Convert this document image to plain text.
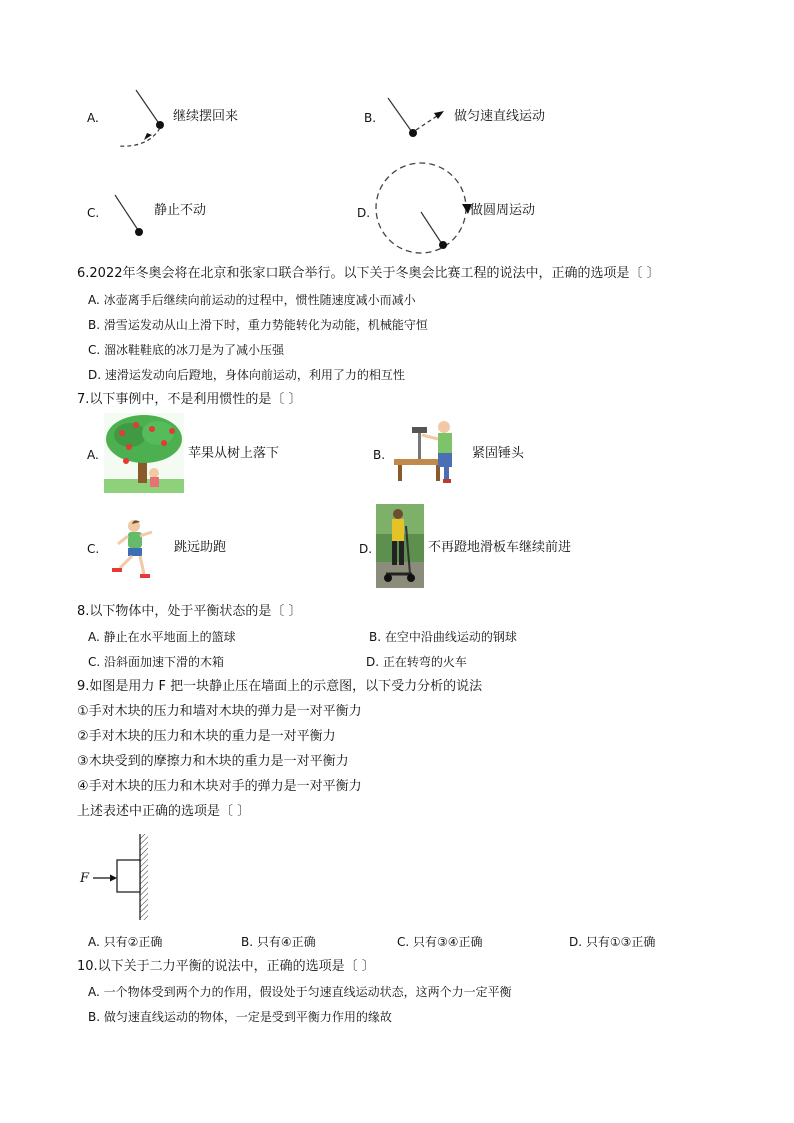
A.	继续摆回来	B.	做匀速直线运动
C.	静止不动	D.	做圆周运动
6.2022年冬奥会将在北京和张家口联合举行。以下关于冬奥会比赛工程的说法中，正确的选项是〔 〕
A. 冰壶离手后继续向前运动的过程中，惯性随速度减小而减小
B. 滑雪运发动从山上滑下时，重力势能转化为动能，机械能守恒
C. 溜冰鞋鞋底的冰刀是为了减小压强
D. 速滑运发动向后蹬地，身体向前运动，利用了力的相互性
7.以下事例中，不是利用惯性的是〔 〕
A.	苹果从树上落下	B.	紧固锤头
C.	跳远助跑	D.	不再蹬地滑板车继续前进
8.以下物体中，处于平衡状态的是〔 〕
A. 静止在水平地面上的篮球	B. 在空中沿曲线运动的钢球
C. 沿斜面加速下滑的木箱	D. 正在转弯的火车
9.如图是用力 F 把一块静止压在墙面上的示意图，以下受力分析的说法
①手对木块的压力和墙对木块的弹力是一对平衡力
②手对木块的压力和木块的重力是一对平衡力
③木块受到的摩擦力和木块的重力是一对平衡力
④手对木块的压力和木块对手的弹力是一对平衡力
上述表述中正确的选项是〔 〕
F
A. 只有②正确	B. 只有④正确	C. 只有③④正确	D. 只有①③正确
10.以下关于二力平衡的说法中，正确的选项是〔 〕
A. 一个物体受到两个力的作用，假设处于匀速直线运动状态，这两个力一定平衡
B. 做匀速直线运动的物体，一定是受到平衡力作用的缘故
